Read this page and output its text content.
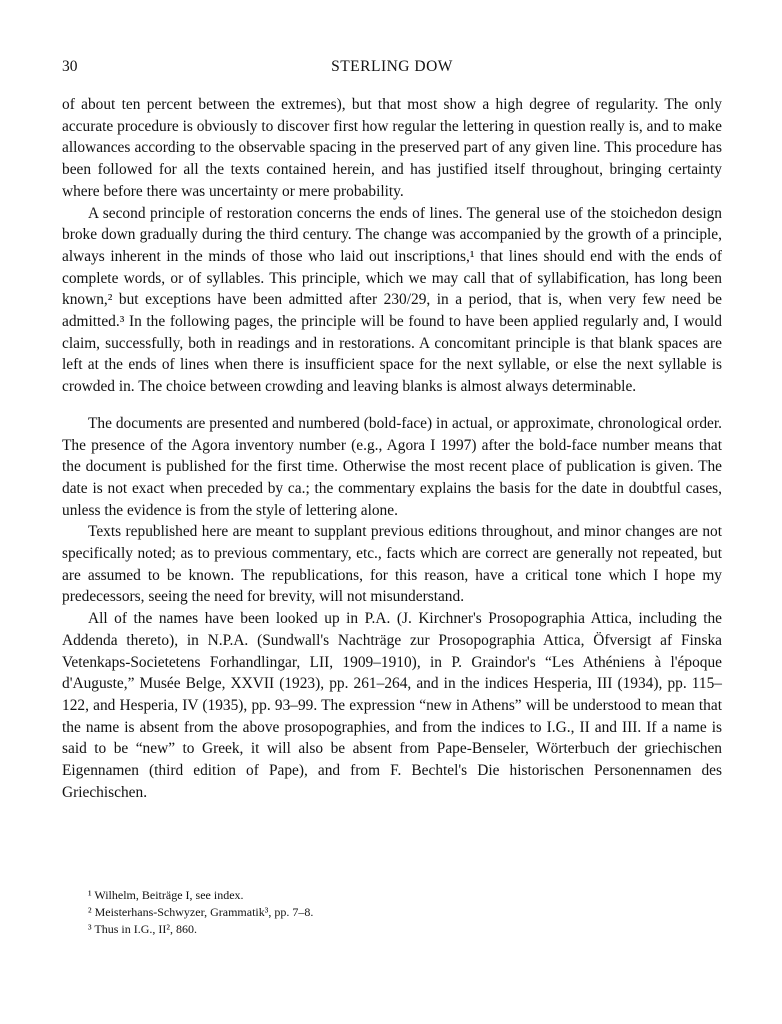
30	STERLING DOW

of about ten percent between the extremes), but that most show a high degree of regularity. The only accurate procedure is obviously to discover first how regular the lettering in question really is, and to make allowances according to the observable spacing in the preserved part of any given line. This procedure has been followed for all the texts contained herein, and has justified itself throughout, bringing certainty where before there was uncertainty or mere probability.

A second principle of restoration concerns the ends of lines. The general use of the stoichedon design broke down gradually during the third century. The change was accompanied by the growth of a principle, always inherent in the minds of those who laid out inscriptions,¹ that lines should end with the ends of complete words, or of syllables. This principle, which we may call that of syllabification, has long been known,² but exceptions have been admitted after 230/29, in a period, that is, when very few need be admitted.³ In the following pages, the principle will be found to have been applied regularly and, I would claim, successfully, both in readings and in restorations. A concomitant principle is that blank spaces are left at the ends of lines when there is insufficient space for the next syllable, or else the next syllable is crowded in. The choice between crowding and leaving blanks is almost always determinable.

The documents are presented and numbered (bold-face) in actual, or approximate, chronological order. The presence of the Agora inventory number (e.g., Agora I 1997) after the bold-face number means that the document is published for the first time. Otherwise the most recent place of publication is given. The date is not exact when preceded by ca.; the commentary explains the basis for the date in doubtful cases, unless the evidence is from the style of lettering alone.

Texts republished here are meant to supplant previous editions throughout, and minor changes are not specifically noted; as to previous commentary, etc., facts which are correct are generally not repeated, but are assumed to be known. The republications, for this reason, have a critical tone which I hope my predecessors, seeing the need for brevity, will not misunderstand.

All of the names have been looked up in P.A. (J. Kirchner's Prosopographia Attica, including the Addenda thereto), in N.P.A. (Sundwall's Nachträge zur Prosopographia Attica, Öfversigt af Finska Vetenkaps-Societetens Forhandlingar, LII, 1909–1910), in P. Graindor's “Les Athéniens à l'époque d'Auguste,” Musée Belge, XXVII (1923), pp. 261–264, and in the indices Hesperia, III (1934), pp. 115–122, and Hesperia, IV (1935), pp. 93–99. The expression “new in Athens” will be understood to mean that the name is absent from the above prosopographies, and from the indices to I.G., II and III. If a name is said to be “new” to Greek, it will also be absent from Pape-Benseler, Wörterbuch der griechischen Eigennamen (third edition of Pape), and from F. Bechtel's Die historischen Personennamen des Griechischen.

¹ Wilhelm, Beiträge I, see index.
² Meisterhans-Schwyzer, Grammatik³, pp. 7–8.
³ Thus in I.G., II², 860.
